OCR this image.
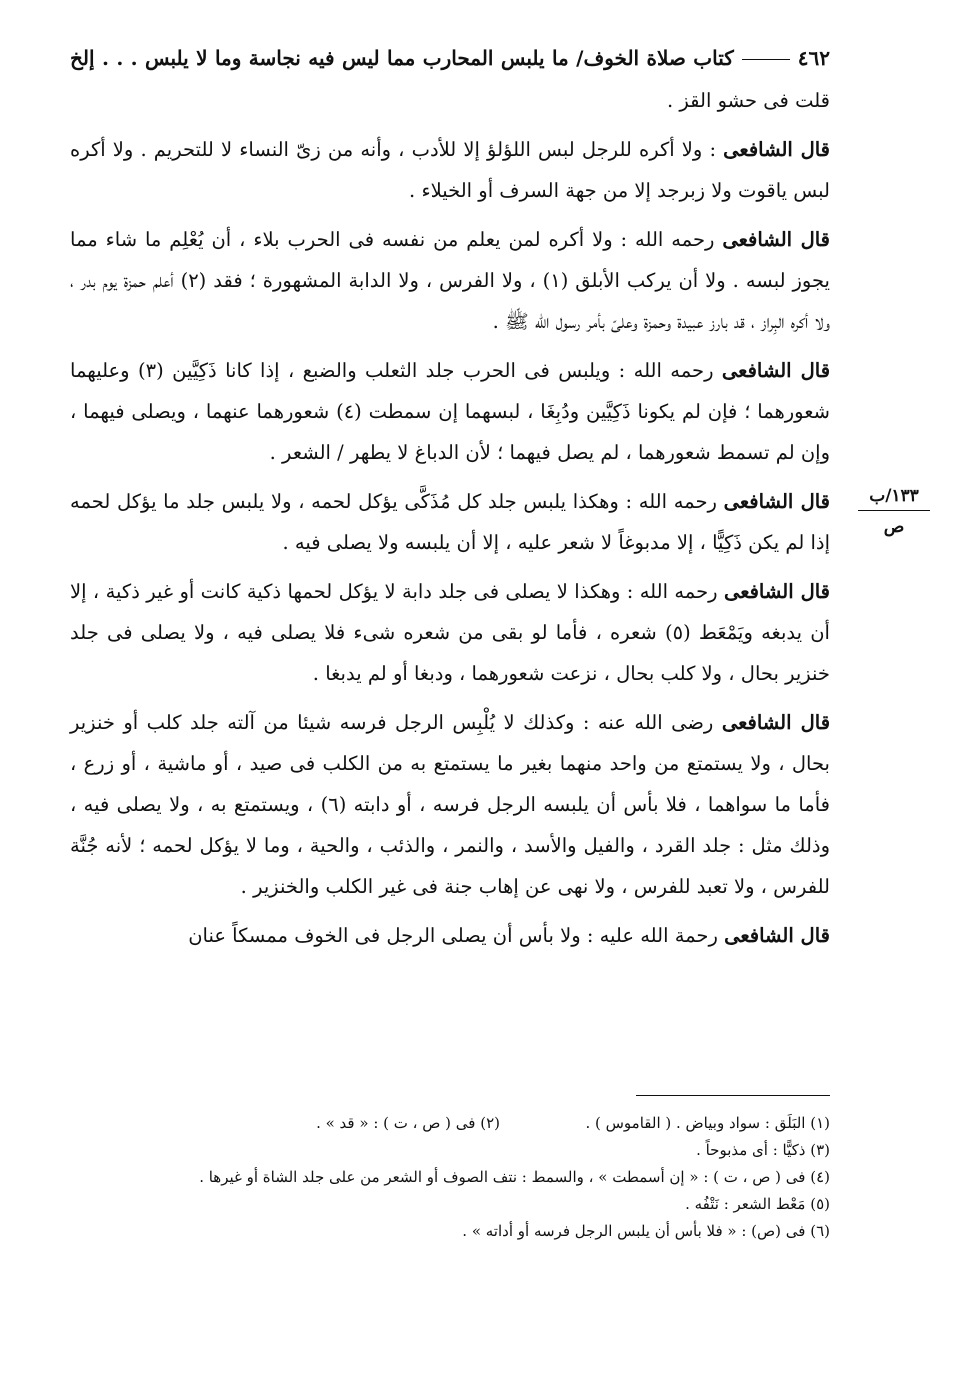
٤٦٢كتاب صلاة الخوف/ ما يلبس المحارب مما ليس فيه نجاسة وما لا يلبس . . . إلخ

قلت فى حشو القز .

قال الشافعى : ولا أكره للرجل لبس اللؤلؤ إلا للأدب ، وأنه من زىّ النساء لا للتحريم . ولا أكره لبس ياقوت ولا زبرجد إلا من جهة السرف أو الخيلاء .

قال الشافعى رحمه الله : ولا أكره لمن يعلم من نفسه فى الحرب بلاء ، أن يُعْلِم ما شاء مما يجوز لبسه . ولا أن يركب الأبلق (١) ، ولا الفرس ، ولا الدابة المشهورة ؛ فقد (٢) أعلم حمزة يوم بدر ، ولا أكره البِراز ، قد بارز عبيدة وحمزة وعلىّ بأمر رسول الله ﷺ .

قال الشافعى رحمه الله : ويلبس فى الحرب جلد الثعلب والضبع ، إذا كانا ذَكِيَّين (٣) وعليهما شعورهما ؛ فإن لم يكونا ذَكِيَّين ودُبِغَا ، لبسهما إن سمطت (٤) شعورهما عنهما ، ويصلى فيهما ، وإن لم تسمط شعورهما ، لم يصل فيهما ؛ لأن الدباغ لا يطهر / الشعر .

قال الشافعى رحمه الله : وهكذا يلبس جلد كل مُذَكَّى يؤكل لحمه ، ولا يلبس جلد ما يؤكل لحمه إذا لم يكن ذَكِيًّا ، إلا مدبوغاً لا شعر عليه ، إلا أن يلبسه ولا يصلى فيه .

قال الشافعى رحمه الله : وهكذا لا يصلى فى جلد دابة لا يؤكل لحمها ذكية كانت أو غير ذكية ، إلا أن يدبغه ويَمْعَط (٥) شعره ، فأما لو بقى من شعره شىء فلا يصلى فيه ، ولا يصلى فى جلد خنزير بحال ، ولا كلب بحال ، نزعت شعورهما ، ودبغا أو لم يدبغا .

قال الشافعى رضى الله عنه : وكذلك لا يُلْبِس الرجل فرسه شيئا من آلته جلد كلب أو خنزير بحال ، ولا يستمتع من واحد منهما بغير ما يستمتع به من الكلب فى صيد ، أو ماشية ، أو زرع ، فأما ما سواهما ، فلا بأس أن يلبسه الرجل فرسه ، أو دابته (٦) ، ويستمتع به ، ولا يصلى فيه ، وذلك مثل : جلد القرد ، والفيل والأسد ، والنمر ، والذئب ، والحية ، وما لا يؤكل لحمه ؛ لأنه جُنَّة للفرس ، ولا تعبد للفرس ، ولا نهى عن إهاب جنة فى غير الكلب والخنزير .

قال الشافعى رحمة الله عليه : ولا بأس أن يصلى الرجل فى الخوف ممسكاً عنان

١٣٣/ب
ص
(١) البَلَق : سواد وبياض . ( القاموس ) .
(٢) فى ( ص ، ت ) : « قد » .
(٣) ذكيًّا : أى مذبوحاً .
(٤) فى ( ص ، ت ) : « إن أسمطت » ، والسمط : نتف الصوف أو الشعر من على جلد الشاة أو غيرها .
(٥) مَعْط الشعر : نَتْفُه .
(٦) فى (ص) : « فلا بأس أن يلبس الرجل فرسه أو أداته » .
